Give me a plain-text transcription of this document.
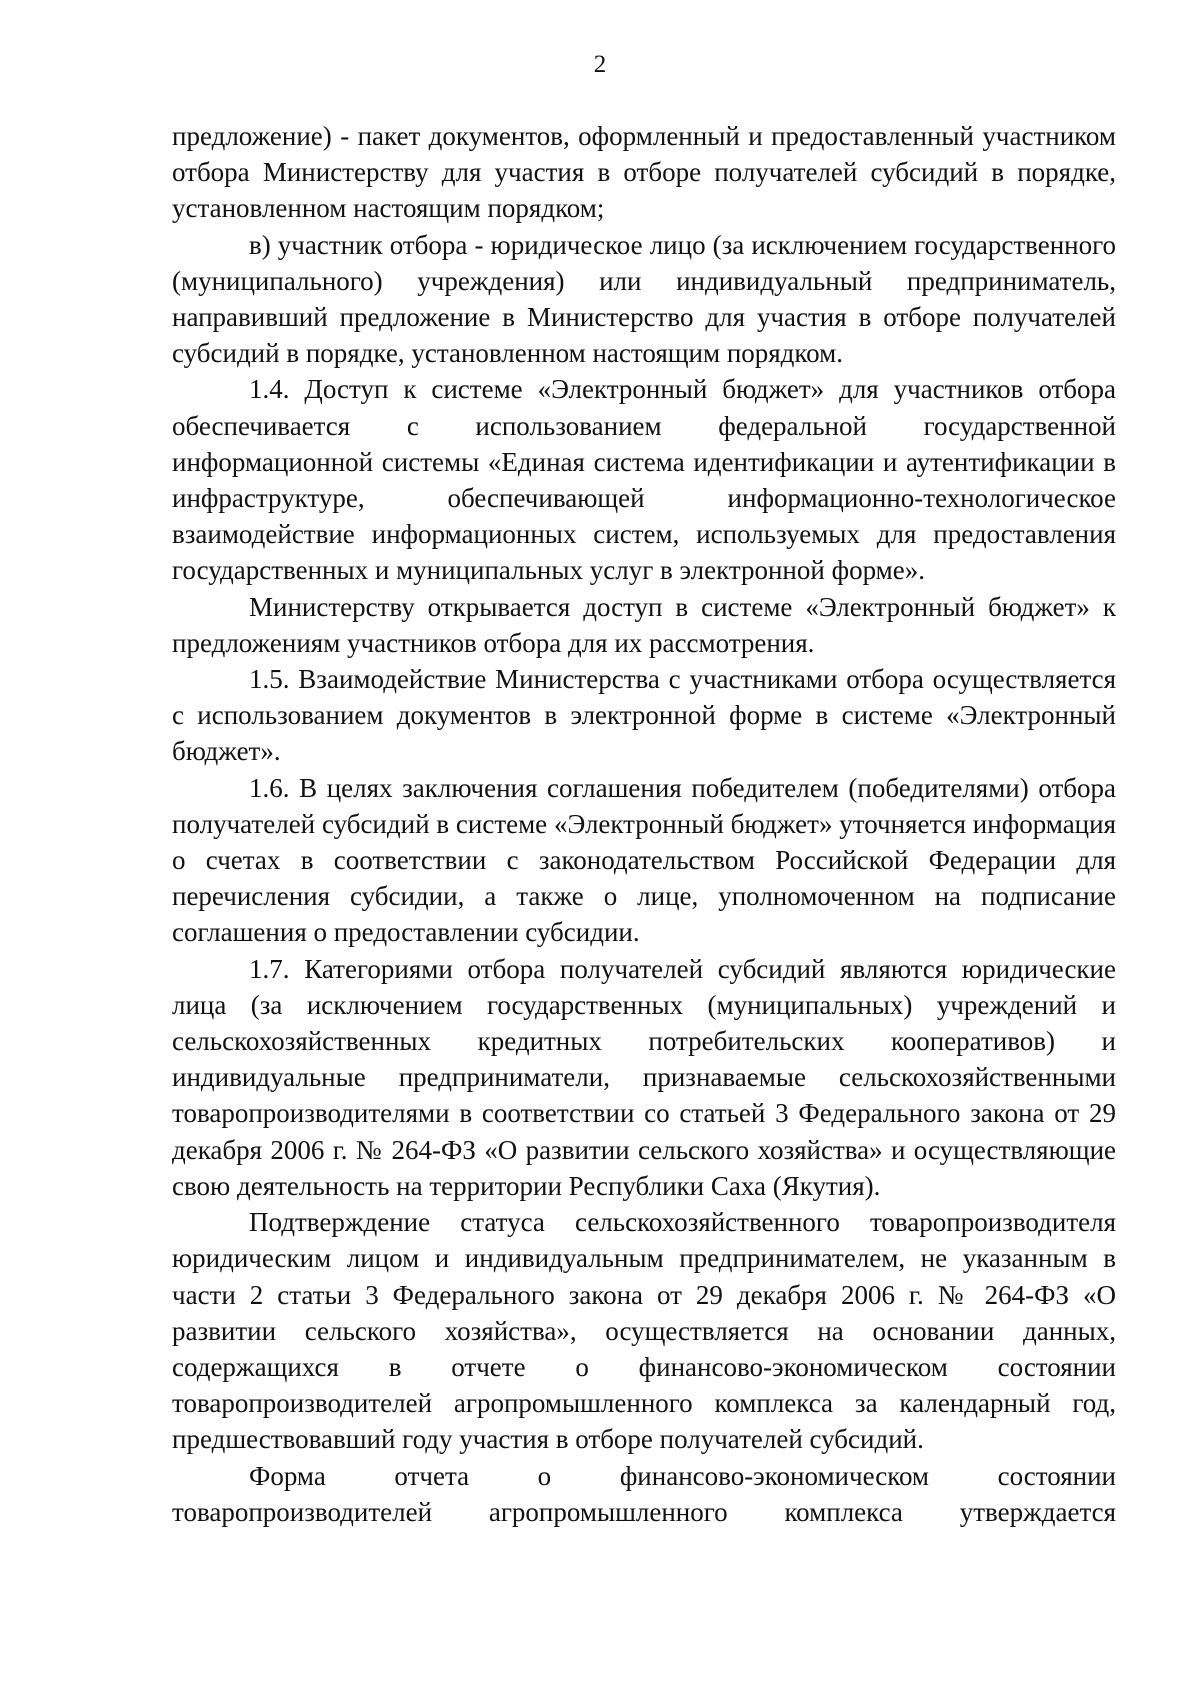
2

предложение) - пакет документов, оформленный и предоставленный участником отбора Министерству для участия в отборе получателей субсидий в порядке, установленном настоящим порядком;

в) участник отбора - юридическое лицо (за исключением государственного (муниципального) учреждения) или индивидуальный предприниматель, направивший предложение в Министерство для участия в отборе получателей субсидий в порядке, установленном настоящим порядком.

1.4. Доступ к системе «Электронный бюджет» для участников отбора обеспечивается с использованием федеральной государственной информационной системы «Единая система идентификации и аутентификации в инфраструктуре, обеспечивающей информационно-технологическое взаимодействие информационных систем, используемых для предоставления государственных и муниципальных услуг в электронной форме».

Министерству открывается доступ в системе «Электронный бюджет» к предложениям участников отбора для их рассмотрения.

1.5. Взаимодействие Министерства с участниками отбора осуществляется с использованием документов в электронной форме в системе «Электронный бюджет».

1.6. В целях заключения соглашения победителем (победителями) отбора получателей субсидий в системе «Электронный бюджет» уточняется информация о счетах в соответствии с законодательством Российской Федерации для перечисления субсидии, а также о лице, уполномоченном на подписание соглашения о предоставлении субсидии.

1.7. Категориями отбора получателей субсидий являются юридические лица (за исключением государственных (муниципальных) учреждений и сельскохозяйственных кредитных потребительских кооперативов) и индивидуальные предприниматели, признаваемые сельскохозяйственными товаропроизводителями в соответствии со статьей 3 Федерального закона от 29 декабря 2006 г. № 264-ФЗ «О развитии сельского хозяйства» и осуществляющие свою деятельность на территории Республики Саха (Якутия).

Подтверждение статуса сельскохозяйственного товаропроизводителя юридическим лицом и индивидуальным предпринимателем, не указанным в части 2 статьи 3 Федерального закона от 29 декабря 2006 г. № 264-ФЗ «О развитии сельского хозяйства», осуществляется на основании данных, содержащихся в отчете о финансово-экономическом состоянии товаропроизводителей агропромышленного комплекса за календарный год, предшествовавший году участия в отборе получателей субсидий.

Форма отчета о финансово-экономическом состоянии товаропроизводителей агропромышленного комплекса утверждается
